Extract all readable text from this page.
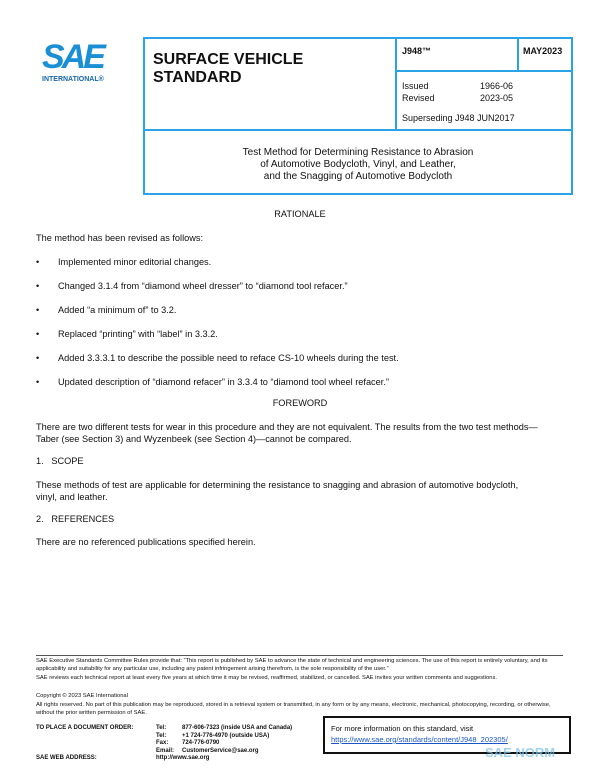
SAE
INTERNATIONAL®
SURFACE VEHICLE
STANDARD
J948™	MAY2023
Issued	1966-06
Revised	2023-05
Superseding J948 JUN2017
Test Method for Determining Resistance to Abrasion
of Automotive Bodycloth, Vinyl, and Leather,
and the Snagging of Automotive Bodycloth
RATIONALE
The method has been revised as follows:
•	Implemented minor editorial changes.
•	Changed 3.1.4 from “diamond wheel dresser” to “diamond tool refacer.”
•	Added “a minimum of” to 3.2.
•	Replaced “printing” with “label” in 3.3.2.
•	Added 3.3.3.1 to describe the possible need to reface CS-10 wheels during the test.
•	Updated description of “diamond refacer” in 3.3.4 to “diamond tool wheel refacer.”
FOREWORD
There are two different tests for wear in this procedure and they are not equivalent. The results from the two test methods—
Taber (see Section 3) and Wyzenbeek (see Section 4)—cannot be compared.
1.   SCOPE
These methods of test are applicable for determining the resistance to snagging and abrasion of automotive bodycloth,
vinyl, and leather.
2.   REFERENCES
There are no referenced publications specified herein.
SAE Executive Standards Committee Rules provide that: “This report is published by SAE to advance the state of technical and engineering sciences. The use of this report is entirely voluntary, and its applicability and suitability for any particular use, including any patent infringement arising therefrom, is the sole responsibility of the user.”
SAE reviews each technical report at least every five years at which time it may be revised, reaffirmed, stabilized, or cancelled. SAE invites your written comments and suggestions.
Copyright © 2023 SAE International
All rights reserved. No part of this publication may be reproduced, stored in a retrieval system or transmitted, in any form or by any means, electronic, mechanical, photocopying, recording, or otherwise, without the prior written permission of SAE.
TO PLACE A DOCUMENT ORDER:
SAE WEB ADDRESS:
Tel:	877-606-7323 (inside USA and Canada)
Tel:	+1 724-776-4970 (outside USA)
Fax: 724-776-0790
Email: CustomerService@sae.org
http://www.sae.org
For more information on this standard, visit
https://www.sae.org/standards/content/J948_202305/
SAE NORM
